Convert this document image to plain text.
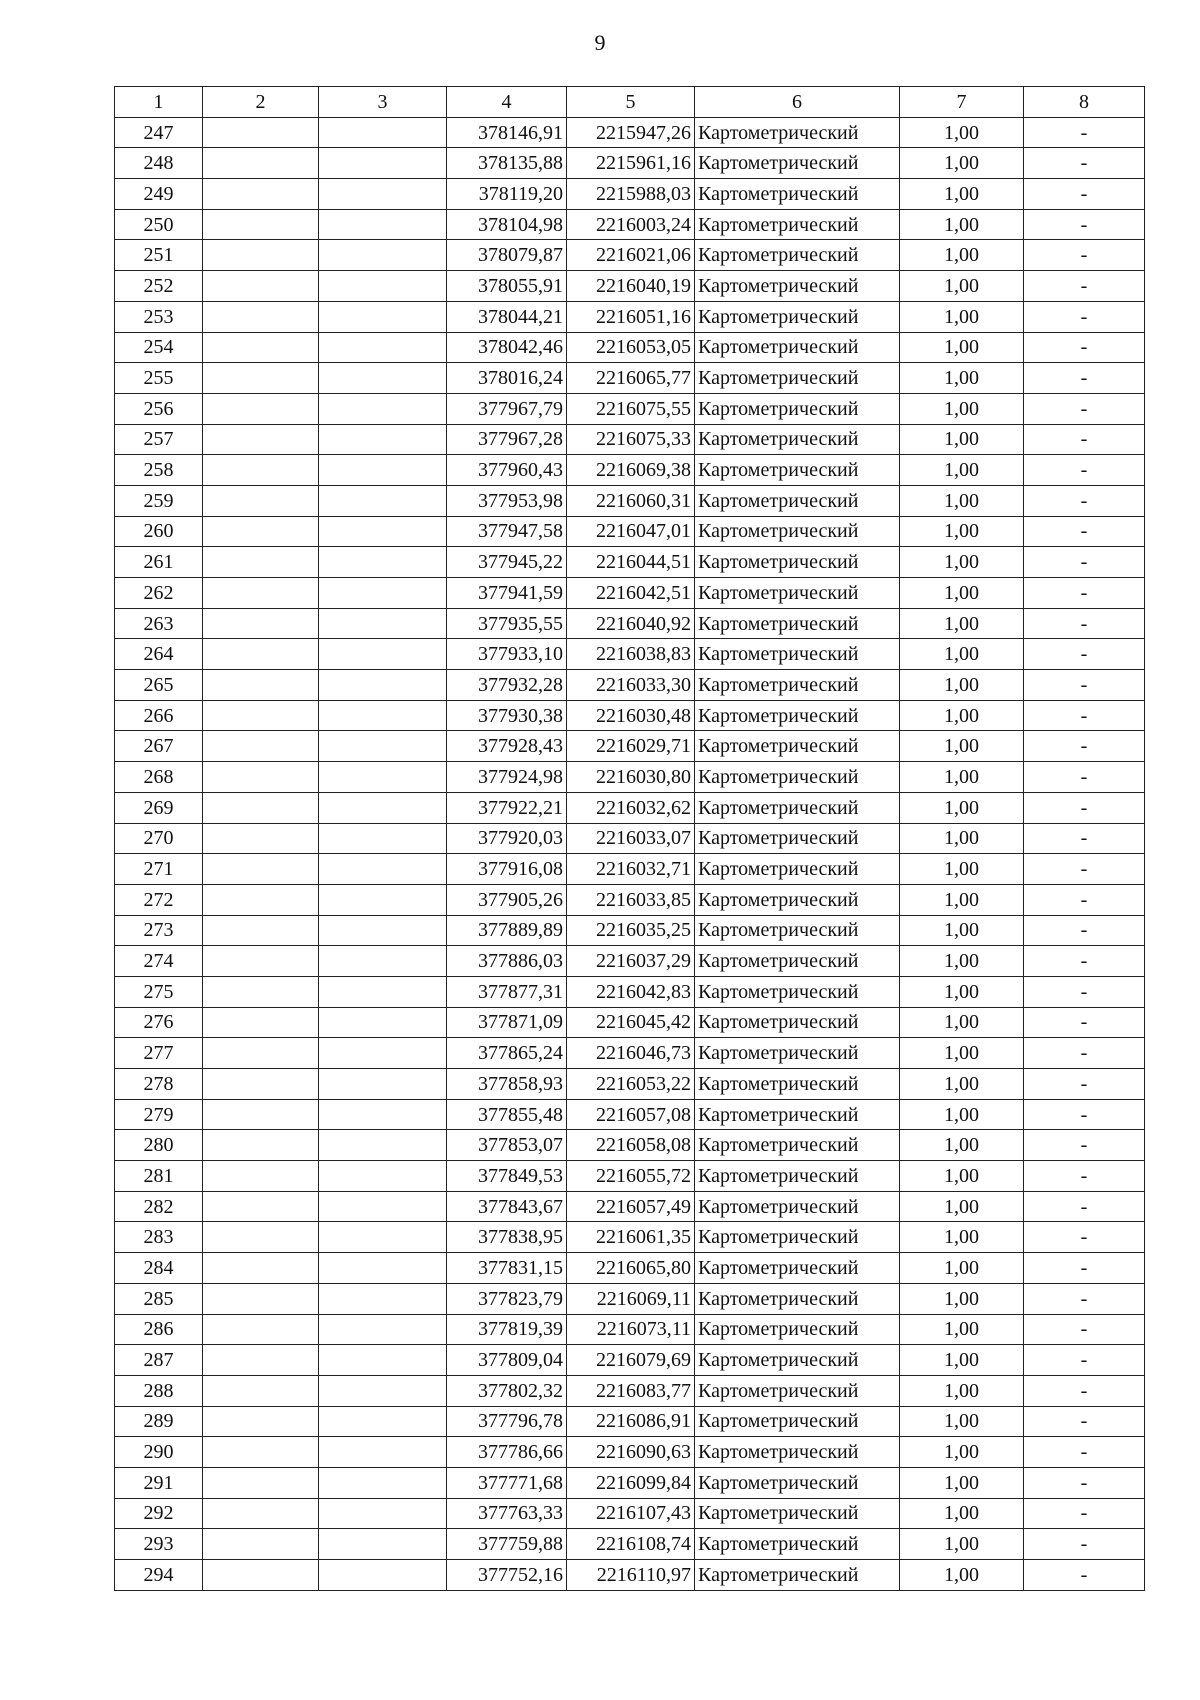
9
1	2	3	4	5	6	7	8
247			378146,91	2215947,26	Картометрический	1,00	-
248			378135,88	2215961,16	Картометрический	1,00	-
249			378119,20	2215988,03	Картометрический	1,00	-
250			378104,98	2216003,24	Картометрический	1,00	-
251			378079,87	2216021,06	Картометрический	1,00	-
252			378055,91	2216040,19	Картометрический	1,00	-
253			378044,21	2216051,16	Картометрический	1,00	-
254			378042,46	2216053,05	Картометрический	1,00	-
255			378016,24	2216065,77	Картометрический	1,00	-
256			377967,79	2216075,55	Картометрический	1,00	-
257			377967,28	2216075,33	Картометрический	1,00	-
258			377960,43	2216069,38	Картометрический	1,00	-
259			377953,98	2216060,31	Картометрический	1,00	-
260			377947,58	2216047,01	Картометрический	1,00	-
261			377945,22	2216044,51	Картометрический	1,00	-
262			377941,59	2216042,51	Картометрический	1,00	-
263			377935,55	2216040,92	Картометрический	1,00	-
264			377933,10	2216038,83	Картометрический	1,00	-
265			377932,28	2216033,30	Картометрический	1,00	-
266			377930,38	2216030,48	Картометрический	1,00	-
267			377928,43	2216029,71	Картометрический	1,00	-
268			377924,98	2216030,80	Картометрический	1,00	-
269			377922,21	2216032,62	Картометрический	1,00	-
270			377920,03	2216033,07	Картометрический	1,00	-
271			377916,08	2216032,71	Картометрический	1,00	-
272			377905,26	2216033,85	Картометрический	1,00	-
273			377889,89	2216035,25	Картометрический	1,00	-
274			377886,03	2216037,29	Картометрический	1,00	-
275			377877,31	2216042,83	Картометрический	1,00	-
276			377871,09	2216045,42	Картометрический	1,00	-
277			377865,24	2216046,73	Картометрический	1,00	-
278			377858,93	2216053,22	Картометрический	1,00	-
279			377855,48	2216057,08	Картометрический	1,00	-
280			377853,07	2216058,08	Картометрический	1,00	-
281			377849,53	2216055,72	Картометрический	1,00	-
282			377843,67	2216057,49	Картометрический	1,00	-
283			377838,95	2216061,35	Картометрический	1,00	-
284			377831,15	2216065,80	Картометрический	1,00	-
285			377823,79	2216069,11	Картометрический	1,00	-
286			377819,39	2216073,11	Картометрический	1,00	-
287			377809,04	2216079,69	Картометрический	1,00	-
288			377802,32	2216083,77	Картометрический	1,00	-
289			377796,78	2216086,91	Картометрический	1,00	-
290			377786,66	2216090,63	Картометрический	1,00	-
291			377771,68	2216099,84	Картометрический	1,00	-
292			377763,33	2216107,43	Картометрический	1,00	-
293			377759,88	2216108,74	Картометрический	1,00	-
294			377752,16	2216110,97	Картометрический	1,00	-
